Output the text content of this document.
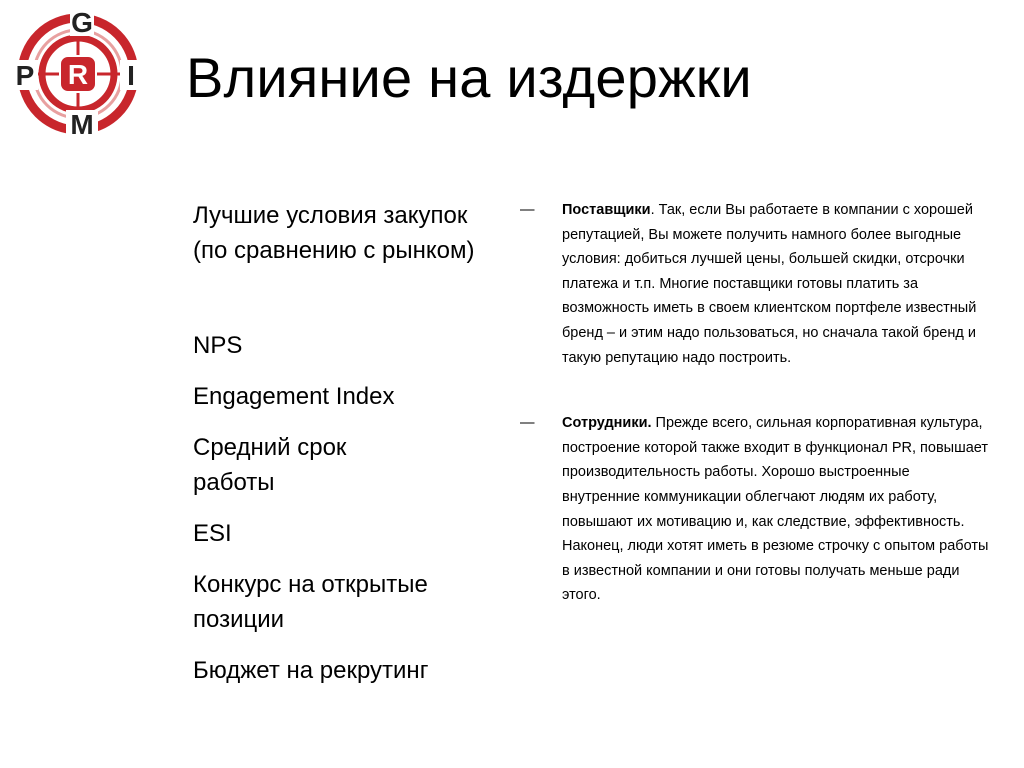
G
P R I
M
Влияние на издержки

Лучшие условия закупок (по сравнению с рынком)

NPS

Engagement Index

Средний срок работы

ESI

Конкурс на открытые позиции

Бюджет на рекрутинг

— Поставщики. Так, если Вы работаете в компании с хорошей репутацией, Вы можете получить намного более выгодные условия: добиться лучшей цены, большей скидки, отсрочки платежа и т.п. Многие поставщики готовы платить за возможность иметь в своем клиентском портфеле известный бренд – и этим надо пользоваться, но сначала такой бренд и такую репутацию надо построить.
— Сотрудники. Прежде всего, сильная корпоративная культура, построение которой также входит в функционал PR, повышает производительность работы. Хорошо выстроенные внутренние коммуникации облегчают людям их работу, повышают их мотивацию и, как следствие, эффективность. Наконец, люди хотят иметь в резюме строчку с опытом работы в известной компании и они готовы получать меньше ради этого.
